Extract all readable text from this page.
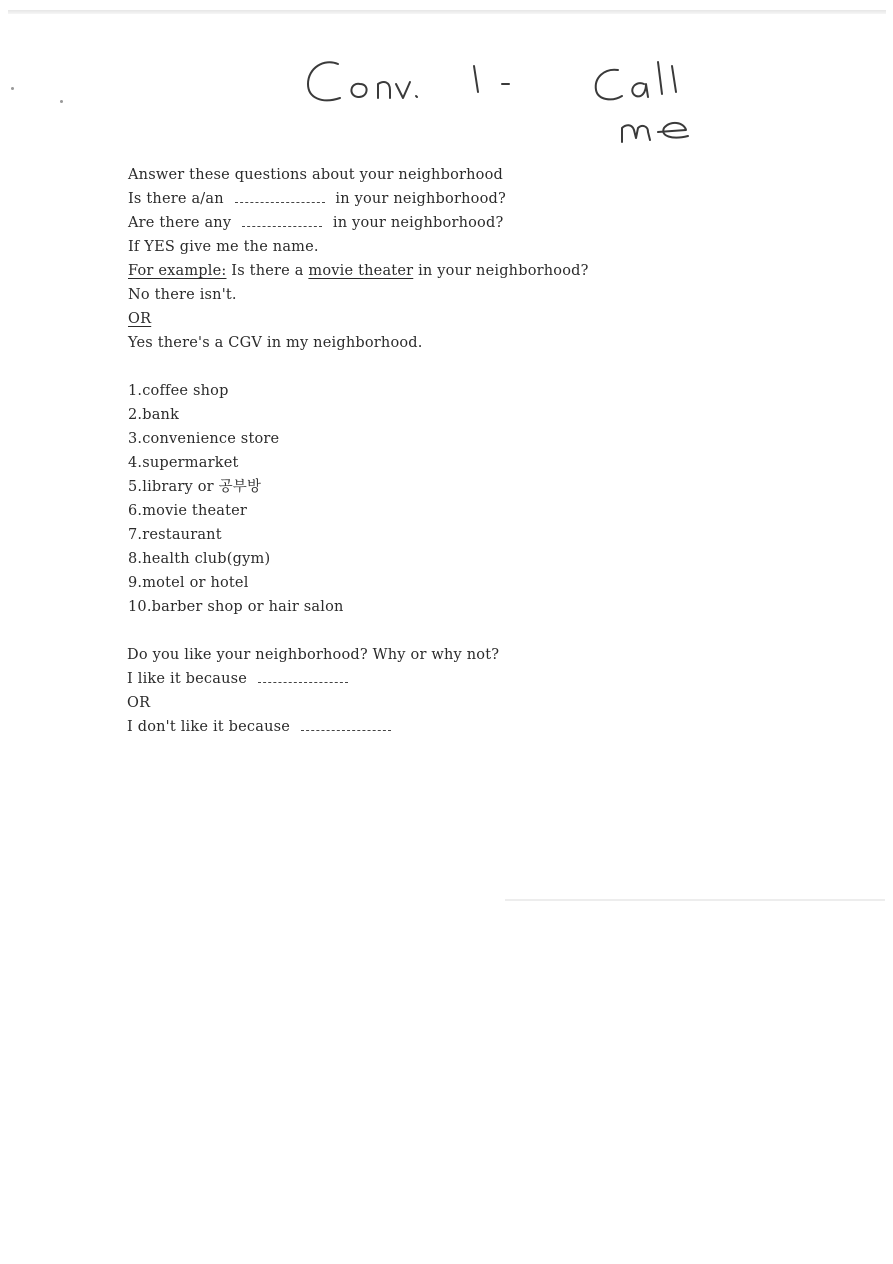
Answer these questions about your neighborhood
Is there a/an	in your neighborhood?
Are there any	in your neighborhood?
If YES give me the name.
For example: Is there a movie theater in your neighborhood?
No there isn't.
OR
Yes there's a CGV in my neighborhood.
1.coffee shop
2.bank
3.convenience store
4.supermarket
5.library or 공부방
6.movie theater
7.restaurant
8.health club(gym)
9.motel or hotel
10.barber shop or hair salon
Do you like your neighborhood? Why or why not?
I like it because
OR
I don't like it because
